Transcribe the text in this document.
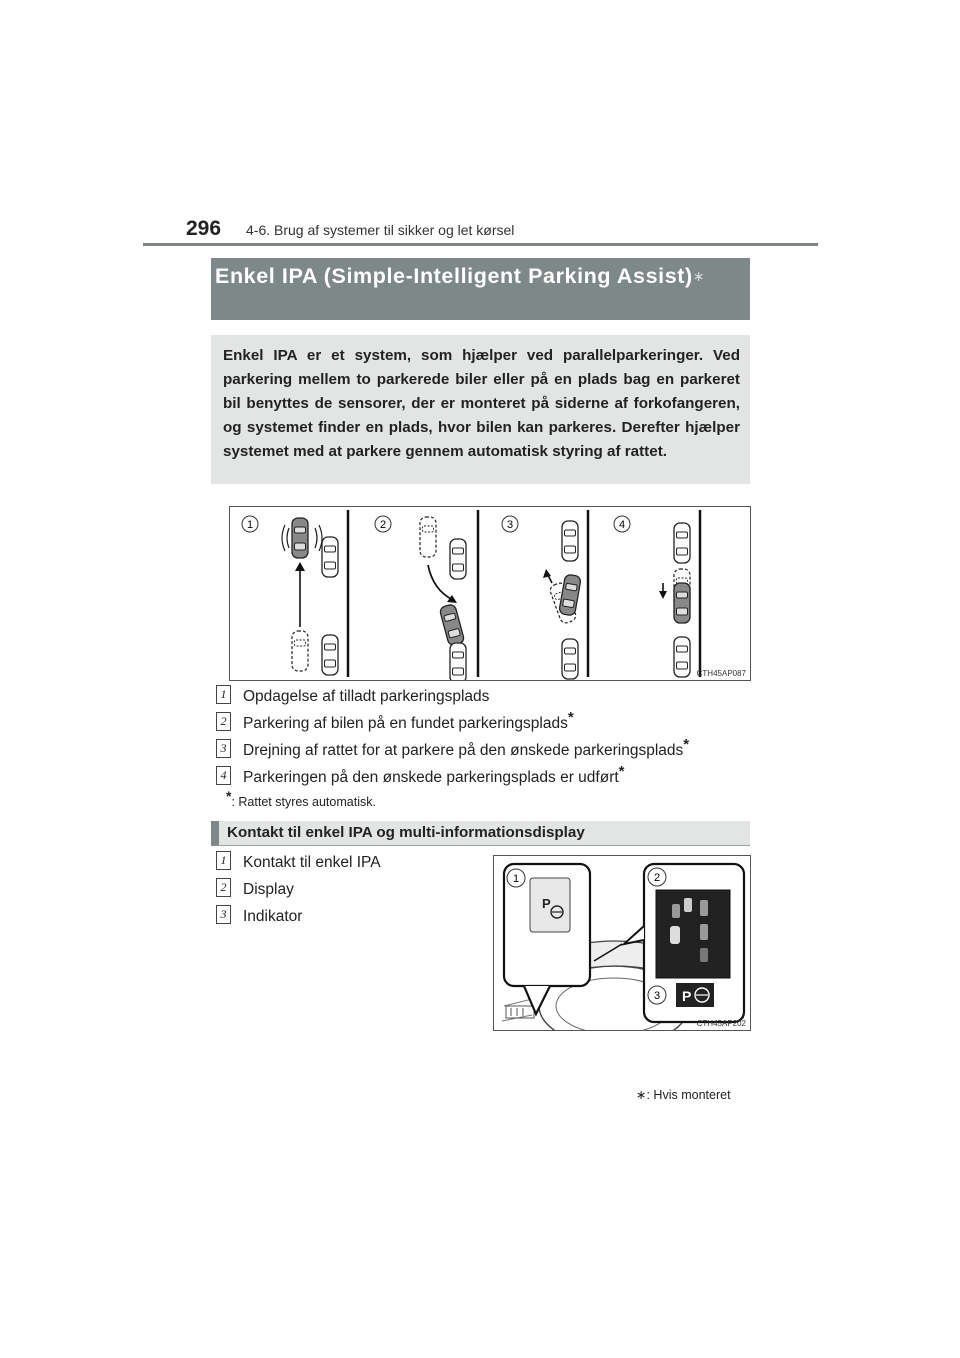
296 4-6. Brug af systemer til sikker og let kørsel
Enkel IPA (Simple-Intelligent Parking Assist)∗
Enkel IPA er et system, som hjælper ved parallelparkeringer. Ved parkering mellem to parkerede biler eller på en plads bag en parkeret bil benyttes de sensorer, der er monteret på siderne af forkofangeren, og systemet finder en plads, hvor bilen kan parkeres. Derefter hjælper systemet med at parkere gennem automatisk styring af rattet.
1	2	3	4
CTH45AP087
1 Opdagelse af tilladt parkeringsplads
2 Parkering af bilen på en fundet parkeringsplads*
3 Drejning af rattet for at parkere på den ønskede parkeringsplads*
4 Parkeringen på den ønskede parkeringsplads er udført*
*: Rattet styres automatisk.
Kontakt til enkel IPA og multi-informationsdisplay
1 Kontakt til enkel IPA
2 Display
3 Indikator
P
1	2
3 P
CTH45AP202
∗: Hvis monteret
